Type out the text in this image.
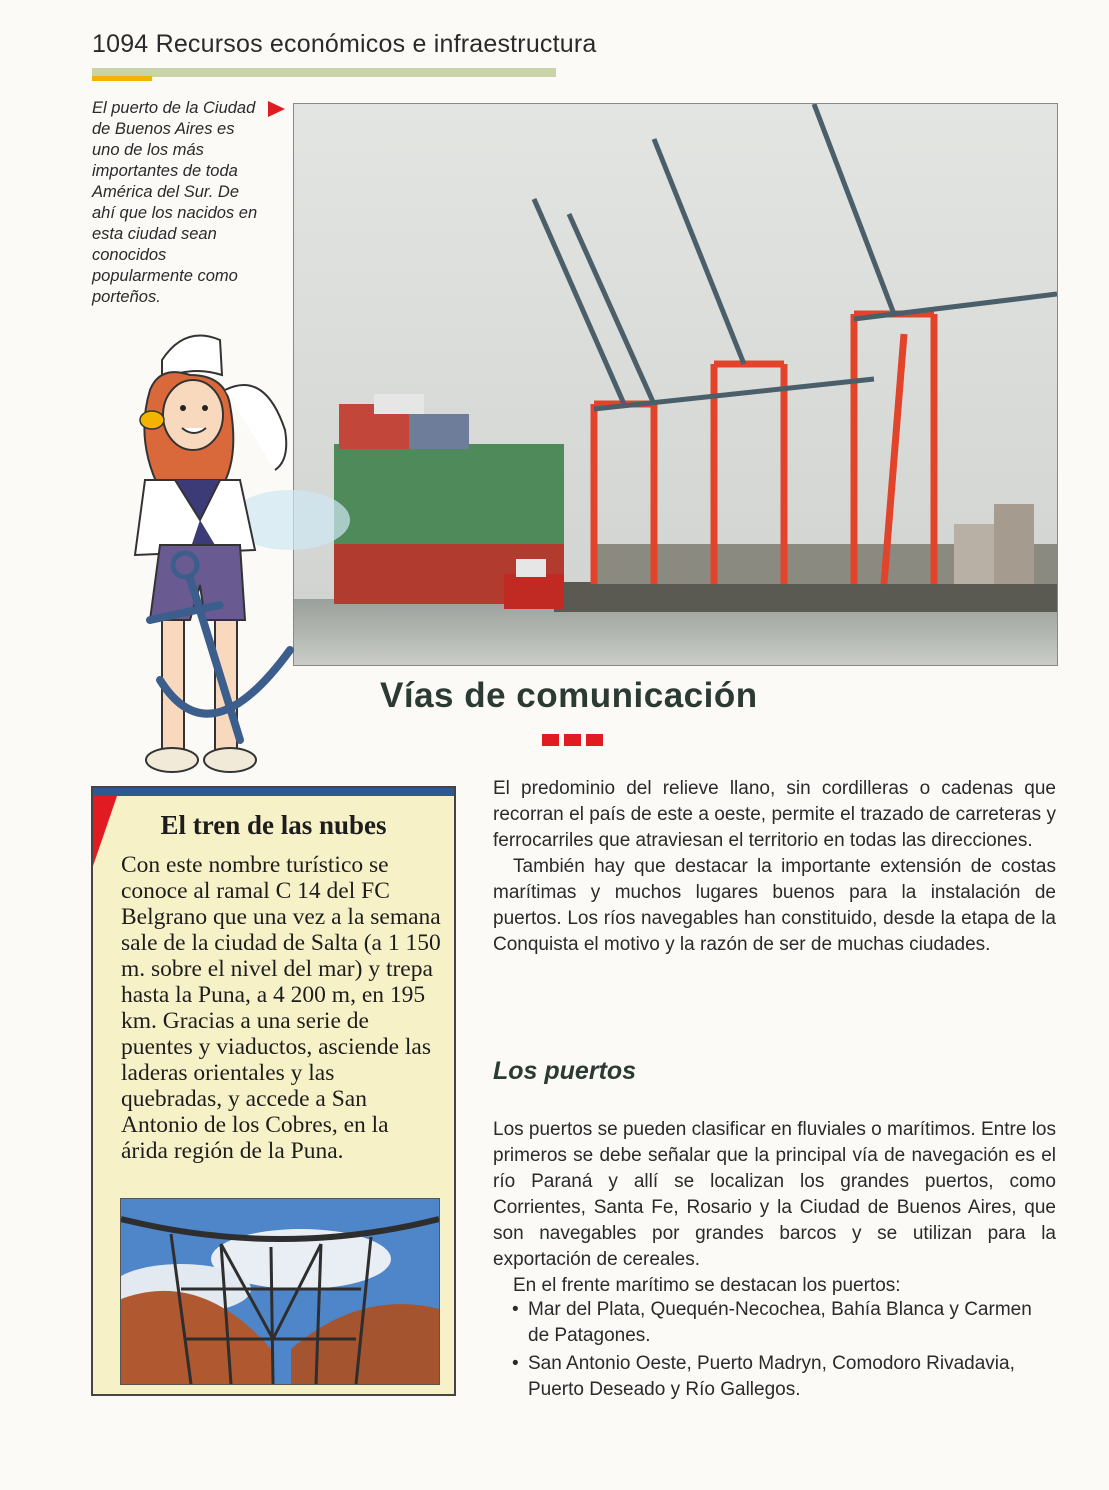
1094 Recursos económicos e infraestructura
El puerto de la Ciudad de Buenos Aires es uno de los más importantes de toda América del Sur. De ahí que los nacidos en esta ciudad sean conocidos popularmente como porteños.
Vías de comunicación
El tren de las nubes
Con este nombre turístico se conoce al ramal C 14 del FC Belgrano que una vez a la semana sale de la ciudad de Salta (a 1 150 m. sobre el nivel del mar) y trepa hasta la Puna, a 4 200 m, en 195 km. Gracias a una serie de puentes y viaductos, asciende las laderas orientales y las quebradas, y accede a San Antonio de los Cobres, en la árida región de la Puna.

El predominio del relieve llano, sin cordilleras o cadenas que recorran el país de este a oeste, permite el trazado de carreteras y ferrocarriles que atraviesan el territorio en todas las direcciones.

También hay que destacar la importante extensión de costas marítimas y muchos lugares buenos para la instalación de puertos. Los ríos navegables han constituido, desde la etapa de la Conquista el motivo y la razón de ser de muchas ciudades.

Los puertos

Los puertos se pueden clasificar en fluviales o marítimos. Entre los primeros se debe señalar que la principal vía de navegación es el río Paraná y allí se localizan los grandes puertos, como Corrientes, Santa Fe, Rosario y la Ciudad de Buenos Aires, que son navegables por grandes barcos y se utilizan para la exportación de cereales.

En el frente marítimo se destacan los puertos:

• Mar del Plata, Quequén-Necochea, Bahía Blanca y Carmen de Patagones.
• San Antonio Oeste, Puerto Madryn, Comodoro Rivadavia, Puerto Deseado y Río Gallegos.
